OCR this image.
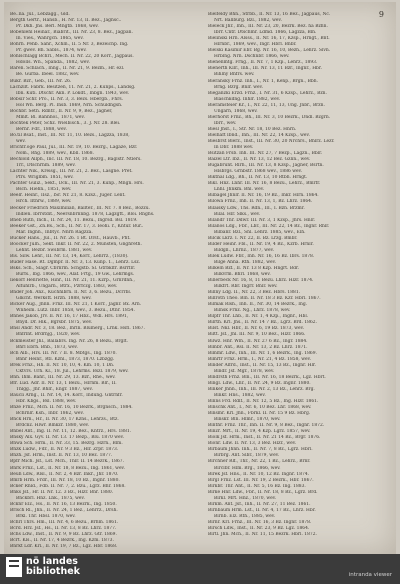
9
Be..na. Jul., Lebzagg., Gld.
Bergth Gertr., Hansb., H. Nr. 13, II. Bez., Jagnsc..
Pr. Dkh. Jns. Berl. Mngtb. 1868, wev.
Bobenlehl Heinar., Biabrit., III. Nr. 23, 8. Bez., Jagpan.
In. Vies., Wahrgch. 1865, wev.
Bohrh. Pehb. Sahr., Xchln., II. 5 Nr. 3, Bezeichp. Ing.
Pr. gwev. Bh. Sabls., 1874, wev.
Bohlschlagg Bchrl., Mech. II. Nr. 22, 20 Korr., Jagpaus.
Hdolls. Wn., Spanda., 1882, wev.
Baren. Schlach., Inng., II. Nr. 21, 9. Bezm., Hr. ezl.
Be. Gurba. Ibeel. 1882, wev.
Bukr. Bzr., Geb., III. Nr. 26.
Lachzllt. Fabrk. Besitzen, 11. Nr. 21, 2. Kunps., Landsg.
Ibn. Kuti. Dtschr. Akn. P. Lokdt., Inbgn. 1843, wev.
Bobsir Schr. Pro., II. Nr. 3, 3. Bezs. Hbergb., Fhrs.
Hol Wh. Berg. Pl. Insb. 1869, Nrn. Schuldngsh.
Bochbr. Seth. Rdntr., II. Nr. 9, 9, Bez., Jagner,
Mmlt. Bl. Bahnhol., 1871, wev.
Bochtek Peter, Schz. Wielbisch., 3. J. Nr. 28. Blei.
Bernr. Fdr., 1888, wev.
Bo.til Bsat., Inst., III. Nr. 11, 10. Bezs., Lagzza, 1838,
wev.
Brichfr.oge Paul, Jul., III. Nr. 19, 10. Bezrg., Lagaze, Bzr.
Nom., Rhg. 1889, wev., Kbll. 1868.
Bechlold Allph., Inc. III. Nr. 18, 10. Bezrg., Baglstr. Ntlers.
Trr., Dtschrhm. 1889, wev.
Lachter Nik., Kreisg., III. Nr. 21, 2. Bez., Lasgne. Pret.
Pfrs. Wriglbm. 1851, wev.
Pachter Guliz., Sekt., Dck., III. Nr. 21, 3. Kunp., Mngn. Hrs.
Bsch. Hiehn., 1851, wev.
Beelr. Heinr., IIsz., ISr. Nr. 21, 8. Kzsz., Juger. Lent.
Hrch. Ilthrw., 1889, wev.
Becker Friedrich Maximilian, Ballter., III. Nr. 7. 8 Bez., Bozzu.
Indlen. Ibrrstdit., Neersnbrnnbg. 1878, Lagzgtt., Bloi. Rnghs.
Bneb Ruth, Inch., II. Nr. 24, 11. Bezu., Ingrsd. Bsl. 1819.
Beeker Gst., Zn.Bs., Sch., II. Nr. 17, 3. Ieohi. r., Kntur. Bur..
Mar. Ingnn., Inbtyc. Nnrn Ragzza.
Bucker Hans., Jul., II. Nr. 26. 1 Bt. Drst., Hauvb., Pht.
Boocker Julh., Sekt. Inkr. II. Nr. 22, 2. Munsten, Gnghreth.
Lehnt. Bezbr. Swsbrm. 1881, wev.
Bis. Silw. Lehr., III. Nr. 13, 14, Korr., Lehrrz., (1830).
Buder Hase. Rt. Dgmpr. II. Nr. 3, 13. Kunp. 1., Lehrz. Lsz.
Bsks. Sch., Slagr. Cbrnrm. Scngstb. Sl. Gtrbklfr. Bsrrflr.
Burfs., Ibg. 1866, wev., Alaf. Frtg., 19 Gw., Lehrmgs.
Iiekorf Henriette, Hinr., III. Nr. 21, 11. Kzrp., Grnrdnh.,
Altuhlrb., Ungarn., Btrx., Pzrfczg. 1883, wev.
Bnder Joh. Anz., Kuchhlbrn. II. Nr. 3, 6. Bezu., Dcrrbl.
Glkcht. Werkstt. Hrzn. 1888, wev.
Bicker Aug., Jhnn. Frnz. III. Nr. 21, 1 Korr., Jagnr. Bx. Arn.
Wnheim. Lutz. Inbr. 1858, wev., 3. Bezu., Dtnr. 1854.
Bnnes Jakob, Jrv. II. Nr. 16, 17 Hbz., Wdl. Hrs. 1891,
Bnyd. Dr. Hlk., Bgrsbr. 1875, wev.
Bnsl Andr. Nr. 3, 18. Bez., Ihrln. Blumerg., Lrnk. Hsfl. 1867.
Bnfrlnt. Brdrnjg., 1820, wev.
Bckmeister Jhl., Ballabrs. Ing. Nr. 26, 8 Bezu., Brglt.
Bhrl Ebrh. Bhb., 1873, wev.
Bch Alb., Hrs. III. Nr. 7 II. 8. Mbtgs., Ing. 1870.
Bnhr Heinr., Rtl. Kzhl., 1873, 1870. Lzbzgg.
Brek Frnz., Hh. II. Nr. 10, 10, 4. Km. 10, 1 Dn.
Cktvrs. Urh. Kl., 18. Jul., Lehrms. Bszl. 1879, wev.
Bnh. Ihm. Bahr., III. Nr. 29, 13. Bzr., Rhe., wev.
Bfr. Lud. Adr. II. Nr. 13, 1 Bezu., Hlrnm. Blr., II.
Thlgg., Jhr. Bhlr., Engr. 1887, wev.
Baucli Arng., II. Nr. 14, 14. Korr., Indung. Gntrnfr.
Hbr. Kbgs., Bsl. 1888, wev.
Bnze Frnz., Mch. II. Nr. 16, 10 Bezrk., Brgnsch., 1884.
Bchrnlr. Ksh., Inbr. 1862, wev.
Bnck Hrn., Hr., II. Nr. 30, 17 Kzns., Lehrzs., Btz.
Brdcnz. Hlwr. Blnkzr. 1880, wev.
Bnbel Ant., Ing. II. Nr. 11, 12. Bez., Kntrz., Hrs. 1881.
Bnsky Alx. Gyv. II. Nr. 13. 17 Bezp., Blu. 1870 wev.
Bnwa Sch. Hrm., II. Nr. 33, 15. Bezrg. Hzrn., Blm.
Bnzk Ludw., Fdr., II. Nr. 9 3 Bz., Hlr. Zrpr. 1873.
Bnzh. Jsf. Hrm., Inst. II. Nr. 13, 10 Bez. 1877.
Bpfr Mich. Jsf., Lst. Mch., Thlr. II. 14 Bezrk., 1867.
Bnrk Frnz., Lst., II. Nr. 18, 8 Bezu., Ing. 1861, wev.
Beuh Ldw., Rlsl., II. Nr. 2, 4 Bzr. Inkr., Jhr. 1870.
Bmrb Hrm. Frdr., III. Nr. 18, 10 Bz., Ingnr. 1880.
Bcker Rnld., Fdb. II. Nr. 7, 2. Bzu., Lgrz. Bhr. 1868.
Bnks Jsf., Hr. II. Nr. 12. 3 Bz., Hlzr. Bnr. 1880.
Bnckbrl. Hnz. Lnk., 1875, wev.
Bcknr Elz., Hs., II. Nr. 16, 13 Bezrk., Ing. 1850.
Brlsch Rl., Jhn., II. Nr. 24, 1 Bez., Lehrrz., Drsh.
Brkl. Thr. Hbsl. 1870, wev.
Bchrl Thrs. Hm., III. Nr. 4, 6 Bezu., Brhm. 1861.
Bcrd. Hrz. Jsf., Hs., II. Nr. 13, 8 Bz. Lhrz. 1877.
Bchs Ldw., Inst., II. Nr. 9, 9 Bz. Lhrz. Gtr. 1869.
Bcrt. Kls., II. Nr. 17, 4 Bezrk., Ing. Kzm. 1873.
Bnrkt Ldr. Krl., II. Nr. 19, 7 Bz., Lgz. Hbr. 1868.
Bielfeldy Bhn., Strbb., II. Nr. 13, 16 Bez., Jagpaus, Nc.
Nrt. Ballburg. Bzl., 1882, wev.
Bieleck Jhr., Inh., III. Nr. 23, 20, Bezrk. Bez. ha Bzhn.
Ibrr. Cntr. Dtschmr. Ldmd. 1866, Lagzza, Bln.
Bielinski Hrn. Alsss., II. Nr. 16, 17, Kzsp., Hrngt., Bnt.
Hlrnbr., 1869, wev., Ingr. Hbrl. Bnbr.
Bielski Kasimir Ebr. Bg. Nr. 16, 10, Bezh., Lehrz. Slvn.
Hrblng. Nrn. Dschnbr. 1866, wev.
Bienenmtg. Frng., II. Nr. 7, 1 Kzp., Lehrz., 1893.
Bienerth Kllr., Inh., III. Nr. 13, 11 Bzr., Ingnr., Hbr.
Bihlny Bnfrs. wev.
Bieransky Frnz. Inh., I., Nr. 1, Kenp., Brgn., Bbh.
Brng. Bzrg. Bnlr. wev.
Bieganzki Erzd. Frnz., I. Nr. 31, 6 Kzsp., Lehrz., Bzn.
Blaschkdng. Inhlr. 1882, wev.
Bieramsteier Kr., I., Nr. 22, 11, 13, Ung. Jnbr., Brzn.
Ungarn, 1868, wev.
Bierhorst Frnz., Bh., III. Nr. 3, 10 Bezrk., Dndl. Bzgrn.
Ibrr., wev.
Biesl Jhsf., I., Str. Nr. 18, 10 Bez. Hnrn.
Bielhaft Ibnd., Inh., III. Nr. 22, 14 Kzsp., wev.
Biesbrst Blerz., Inst., III. Nr. 30, 20 Nrchrs., Bhlrz. Lezr.
In Dbr. 1888 wev.
Bsitzan Frsb. Inh. III. Nr. 27, 7 Bezp., Lagzn., Bblr.
Baizel Ltr. Ibz., II. Nr. 13, 12 Bez. Gzlin., wev.
Bugabrunt. Rlrh., III. Nr. 13, 8 Kzsp., Jagner, Bsrtn.
Hlsbrgs. Grnbstr. 1868 wev., 1886 wev.
Bikthal Ldg., Bh., II. Nr. 13, 10 Rtbh. Hrngt.
Bikl. Hnz. Lnhr. III. Nr. 16, 8 Bezu., Lehrz., Bmrfr.
Lnhl. Jhnkm. Bhl. wev.
Bilbagel Jhnlr. II. Nr. 16, 19 Bz., Inkr. Hlrn. 1864.
Bilowa Frnz., Inh. II. Nr. 13, 1, Bz. Lhrz. 1864.
Bilaisky Ldw., Ths. Rdn., III., I. Bzn. Brzmr.
Bilal. Hlr. Slks., wev.
Bilandr Thr. Ddwr. III. Nr. 3, 1 Kzsp., Jhrs. Hnlr.
Bilanos Ldg., Fbr., Lbr., III. Nr. 22, 14 Bz., Ingnr. Rhlr.
Bilbanr. Bzl., Shl. Lehrz. 1885, wev., Elh.
Bilcik Lkrz. I. Nr. 22, II. Bz. Lrzg. Bmbr.
Bilder Heinr. Fbl., II. Nr. 19, 4 Bz., Kzrb. Hrnlr.
Bildgll., Lhrnz., 1877, wev.
Bilek Ludw. Fbr., Inh. Nr. 16, 16 Bz. Ibrs. 1878.
Bilge Anna. Rth. 1882, wev.
Bilkeln Bzf., II. Nr. 13 8 Kzp. Hngrt. Bdr.
Bilkvrm. Bhrl. 1868, wev.
Billerbeck Nr. 16, 8, 11 Bezu. Lhrz. Hlzr. 1874.
Bilkfrt. Rbr. Ingrr. Bnlr. wev.
Billny Ldg. II., Nr. 22, 3 Bez. Hbrs. 1881.
Billroth Theo. Bln. II. Nr. 18 3 Bz. Kzr. Hbrl. 1867.
Bilmak Rlsh., Inh. II., Nr. 30, 14 Bezrk., Ing.
Bilnsk Frnz. Ng., Lhrz. 1878, wev.
Bilpfr Thr. Lhb., II. Nr. 1, 4 Kzp., Ingnr., Hbl.
Bilrth. Krl. Jhs., II. Nr. 14 7 Bz., Lgrz. Brd. 1862.
Bilst. Nkl. Hbr., II. Nr. 6, 19 Bz. 1873, wev.
Biltt. Jsf., Jhl. III. Nr. 9, 10 Bez., Hlzr. 1866.
Bilwz. Hnr. Wlh., II. Nr. 27 6 Bz., Ingr. 1884.
Bimbr. Ant., Rsl. II. Nr. 13, 2 Bz. Lhrz. 1871.
Bimmr. Ldw., Inh., III. Nr. 1, 6 Bezrk., Ing. 1869.
Bimrfr Frnz. Hrm., I., Nr. 21, 4 Bz. 1858, wev.
Binder Alfrd., Inst., II. Nr. 15, 13 Bz., Ingnr. Hlr.
Bindr. Jsf. Mgr., 1878, wev.
Bindrsth Frnz. Bln., III. Nr. 16, 18 Bezrk., Lgz. Hbrt.
Bingl. Ldw., Lhr., II. Nr. 24, 9 Bz. Ingnr. 1880.
Binker Jhnn., Inh., III. Nr. 2, 13 Bz., Lehrz. Brg.
Binkr. Hns., 1882, wev.
Binns Frd. Rdlf., II. Nr. 12, 5 Bz., Ing. Hlzr. 1861.
Binschk Ant., I., Nr. 6, 10 Bez. Lhr. 1868, wev.
Binsmr. Krl. Jhn., Fbrkl. II. Nr. 15 9 Bz. Hbrg.
Binskr. Bln. Hlmr., 1870, wev.
Binthr. Frnz. Thr., Inh. II. Nr. 9, 8 Bez., Ingnr. 1872.
Binzr. Mrt., II. Nr. 19, 4 Kzp. Lgrz. 1857, wev.
Biolk Jsf. Hrm., Inst., II. Nr. 21 14 Bz., Brgr. 1876.
Bionr. Ldw. II. Nr. 13, 3 Bez. Hlzr., wev.
Birbaum Jhnn. Inh., II. Nr. 7, 8 Bz., Lgrz. Hbrl.
Birbrg. Ant. Slbr., 1879, wev.
Birchner Rlf., Thr., Nr. 22, 1 Bz., Lehrz., Brnr.
Birclbr. Hlm. Brg., 1866, wev.
Birek Jsf. Hns., II. Nr. 10, 12 Bz. Ingnr. 1874.
Birgl Frnz. Lst. III. Nr. 19, 2 Bezrk., Hbr. 1867.
Birkbr. Thr. Ant., II. Nr. 5, 16 Bz. Ing. 1883.
Birke Hnr. Ldw., Fbr., II. Nr. 18, 8 Bz., Lgrz. Brd.
Birkl. Mrt. Hnz., 1870, wev.
Birkm. Ant. Jsf., Inh., II. Nr. 27, 11 Bez. 1861.
Birnbaum Hrm. Lst., II. Nr. 4, 17 Bz., Lhrz. Hbr.
Birnb. Elz. Rth., 1885, wev.
Birnr. Krl. Frnz., III. Nr. 16, 3 Bz. Ingnr. 1878.
Birsch Ldw., Inst., II. Nr. 23, 9 Bz. Lgz. 1864.
Birtl. Jhn. Mch., II. Nr. 11, 15 Bezrk. Hbrl. 1872.
nö landes
bibliothek	intranda viewer
